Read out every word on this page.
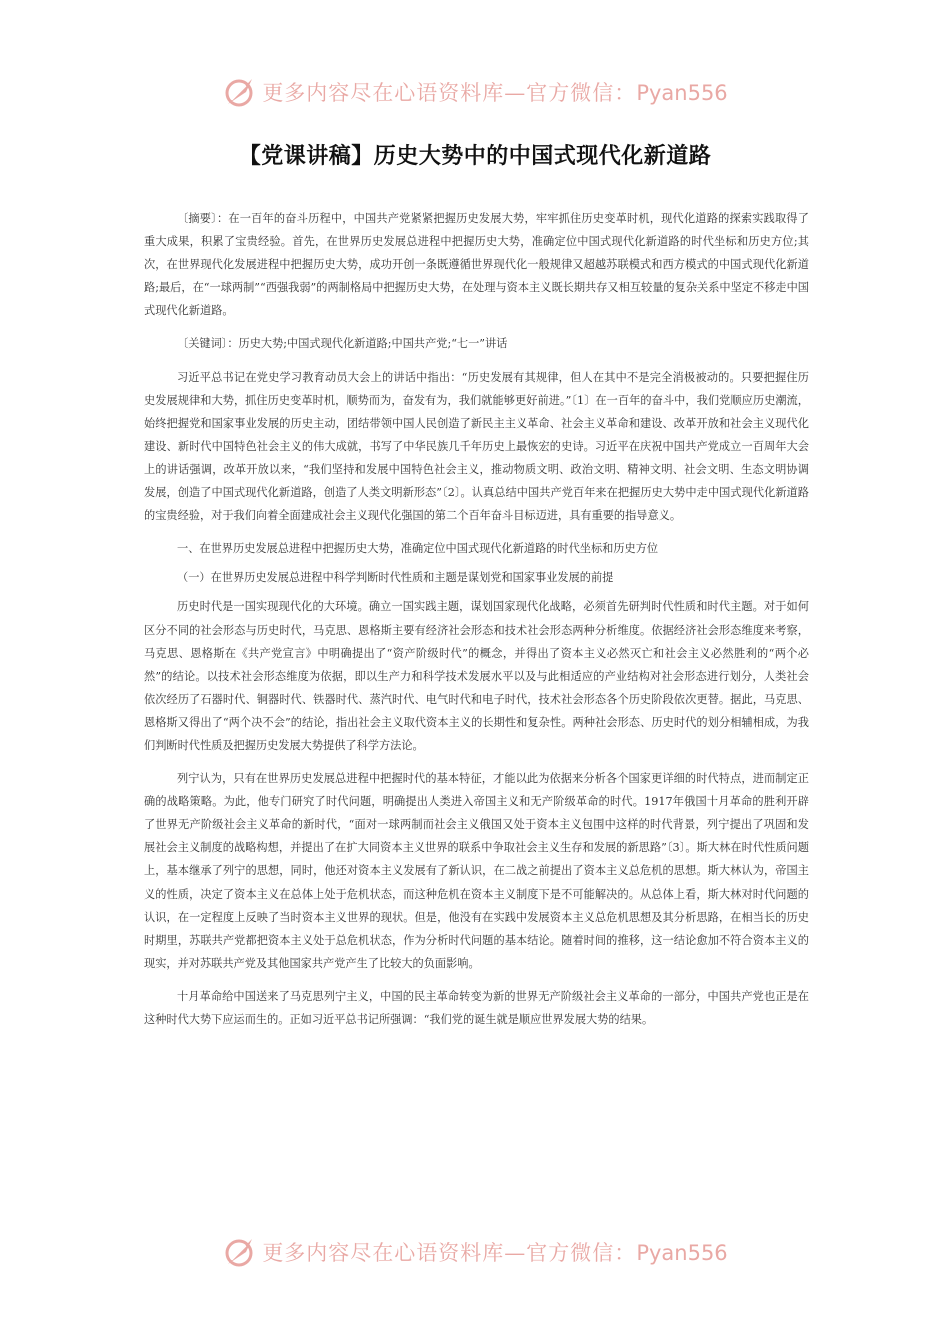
更多内容尽在心语资料库—官方微信：Pyan556
【党课讲稿】历史大势中的中国式现代化新道路

〔摘要〕：在一百年的奋斗历程中，中国共产党紧紧把握历史发展大势，牢牢抓住历史变革时机，现代化道路的探索实践取得了重大成果，积累了宝贵经验。首先，在世界历史发展总进程中把握历史大势，准确定位中国式现代化新道路的时代坐标和历史方位;其次，在世界现代化发展进程中把握历史大势，成功开创一条既遵循世界现代化一般规律又超越苏联模式和西方模式的中国式现代化新道路;最后，在“一球两制”“西强我弱”的两制格局中把握历史大势，在处理与资本主义既长期共存又相互较量的复杂关系中坚定不移走中国式现代化新道路。

〔关键词〕：历史大势;中国式现代化新道路;中国共产党;“七一”讲话

习近平总书记在党史学习教育动员大会上的讲话中指出：“历史发展有其规律，但人在其中不是完全消极被动的。只要把握住历史发展规律和大势，抓住历史变革时机，顺势而为，奋发有为，我们就能够更好前进。”〔1〕在一百年的奋斗中，我们党顺应历史潮流，始终把握党和国家事业发展的历史主动，团结带领中国人民创造了新民主主义革命、社会主义革命和建设、改革开放和社会主义现代化建设、新时代中国特色社会主义的伟大成就，书写了中华民族几千年历史上最恢宏的史诗。习近平在庆祝中国共产党成立一百周年大会上的讲话强调，改革开放以来，“我们坚持和发展中国特色社会主义，推动物质文明、政治文明、精神文明、社会文明、生态文明协调发展，创造了中国式现代化新道路，创造了人类文明新形态”〔2〕。认真总结中国共产党百年来在把握历史大势中走中国式现代化新道路的宝贵经验，对于我们向着全面建成社会主义现代化强国的第二个百年奋斗目标迈进，具有重要的指导意义。

一、在世界历史发展总进程中把握历史大势，准确定位中国式现代化新道路的时代坐标和历史方位

（一）在世界历史发展总进程中科学判断时代性质和主题是谋划党和国家事业发展的前提

历史时代是一国实现现代化的大环境。确立一国实践主题，谋划国家现代化战略，必须首先研判时代性质和时代主题。对于如何区分不同的社会形态与历史时代，马克思、恩格斯主要有经济社会形态和技术社会形态两种分析维度。依据经济社会形态维度来考察，马克思、恩格斯在《共产党宣言》中明确提出了“资产阶级时代”的概念，并得出了资本主义必然灭亡和社会主义必然胜利的“两个必然”的结论。以技术社会形态维度为依据，即以生产力和科学技术发展水平以及与此相适应的产业结构对社会形态进行划分，人类社会依次经历了石器时代、铜器时代、铁器时代、蒸汽时代、电气时代和电子时代，技术社会形态各个历史阶段依次更替。据此，马克思、恩格斯又得出了“两个决不会”的结论，指出社会主义取代资本主义的长期性和复杂性。两种社会形态、历史时代的划分相辅相成，为我们判断时代性质及把握历史发展大势提供了科学方法论。

列宁认为，只有在世界历史发展总进程中把握时代的基本特征，才能以此为依据来分析各个国家更详细的时代特点，进而制定正确的战略策略。为此，他专门研究了时代问题，明确提出人类进入帝国主义和无产阶级革命的时代。1917年俄国十月革命的胜利开辟了世界无产阶级社会主义革命的新时代，“面对一球两制而社会主义俄国又处于资本主义包围中这样的时代背景，列宁提出了巩固和发展社会主义制度的战略构想，并提出了在扩大同资本主义世界的联系中争取社会主义生存和发展的新思路”〔3〕。斯大林在时代性质问题上，基本继承了列宁的思想，同时，他还对资本主义发展有了新认识，在二战之前提出了资本主义总危机的思想。斯大林认为，帝国主义的性质，决定了资本主义在总体上处于危机状态，而这种危机在资本主义制度下是不可能解决的。从总体上看，斯大林对时代问题的认识，在一定程度上反映了当时资本主义世界的现状。但是，他没有在实践中发展资本主义总危机思想及其分析思路，在相当长的历史时期里，苏联共产党都把资本主义处于总危机状态，作为分析时代问题的基本结论。随着时间的推移，这一结论愈加不符合资本主义的现实，并对苏联共产党及其他国家共产党产生了比较大的负面影响。

十月革命给中国送来了马克思列宁主义，中国的民主革命转变为新的世界无产阶级社会主义革命的一部分，中国共产党也正是在这种时代大势下应运而生的。正如习近平总书记所强调：“我们党的诞生就是顺应世界发展大势的结果。

更多内容尽在心语资料库—官方微信：Pyan556
